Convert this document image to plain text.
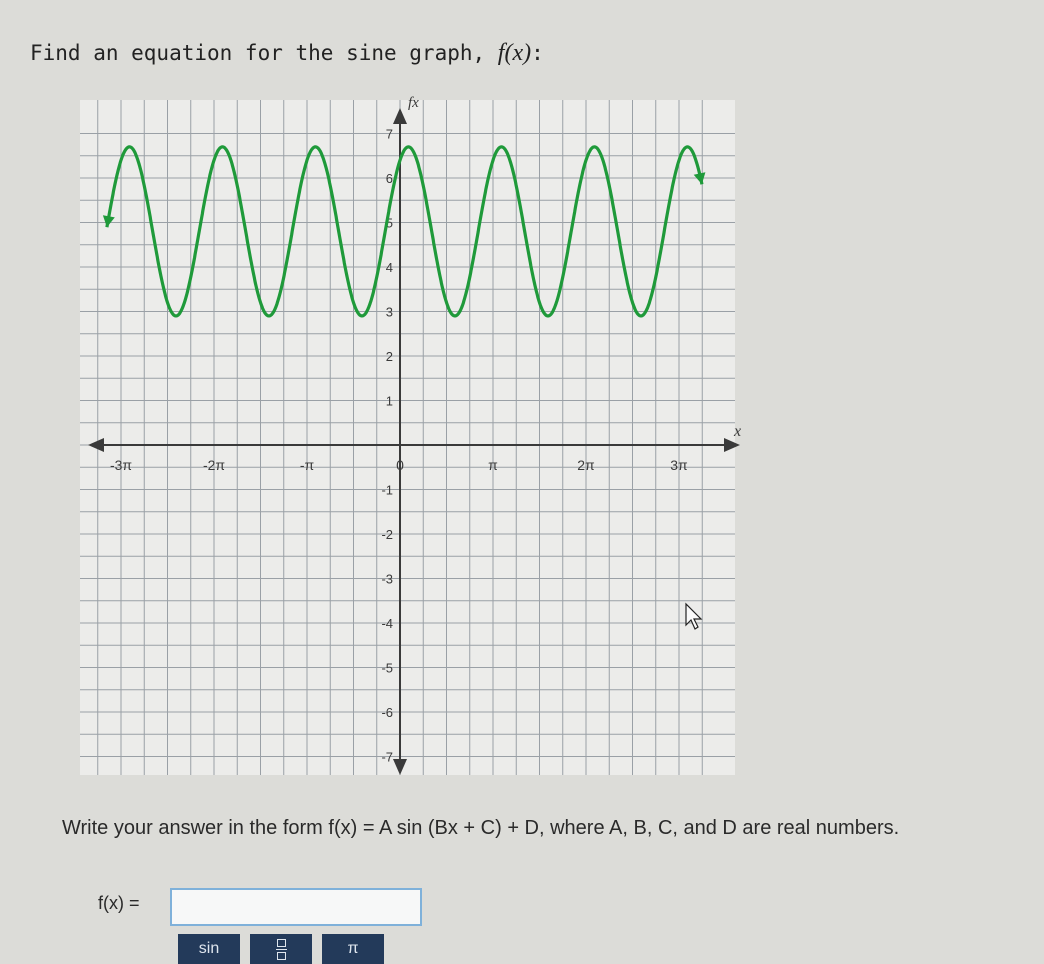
Find an equation for the sine graph, f(x):
x
fx
-3π	-2π	-π	0	π	2π	3π
7
6
5
4
3
2
1
-1
-2
-3
-4
-5
-6
-7
Write your answer in the form f(x) = A sin (Bx + C) + D, where A, B, C, and D are real numbers.
f(x) =
sin	π
